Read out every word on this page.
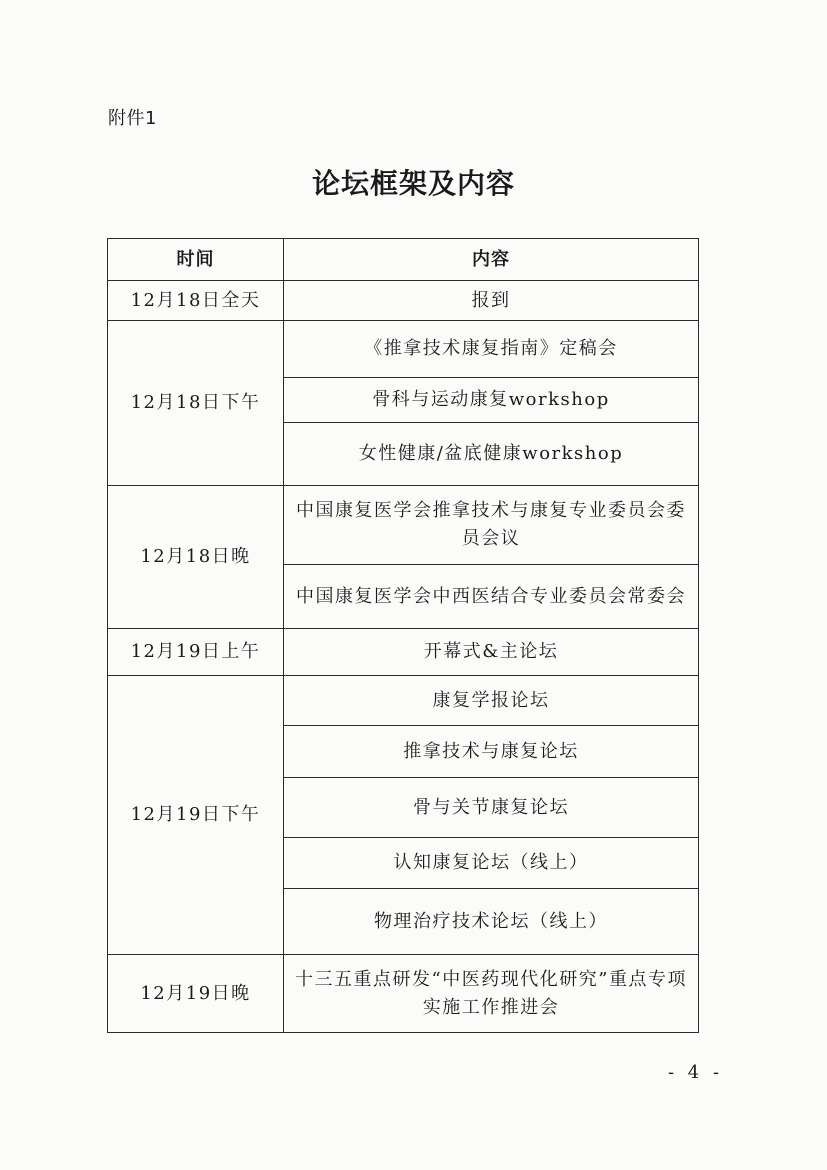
附件1
论坛框架及内容
时间	内容
12月18日全天	报到
12月18日下午	《推拿技术康复指南》定稿会
	骨科与运动康复workshop
	女性健康/盆底健康workshop
12月18日晚	中国康复医学会推拿技术与康复专业委员会委员会议
	中国康复医学会中西医结合专业委员会常委会
12月19日上午	开幕式&主论坛
12月19日下午	康复学报论坛
	推拿技术与康复论坛
	骨与关节康复论坛
	认知康复论坛（线上）
	物理治疗技术论坛（线上）
12月19日晚	十三五重点研发“中医药现代化研究”重点专项实施工作推进会
- 4 -
